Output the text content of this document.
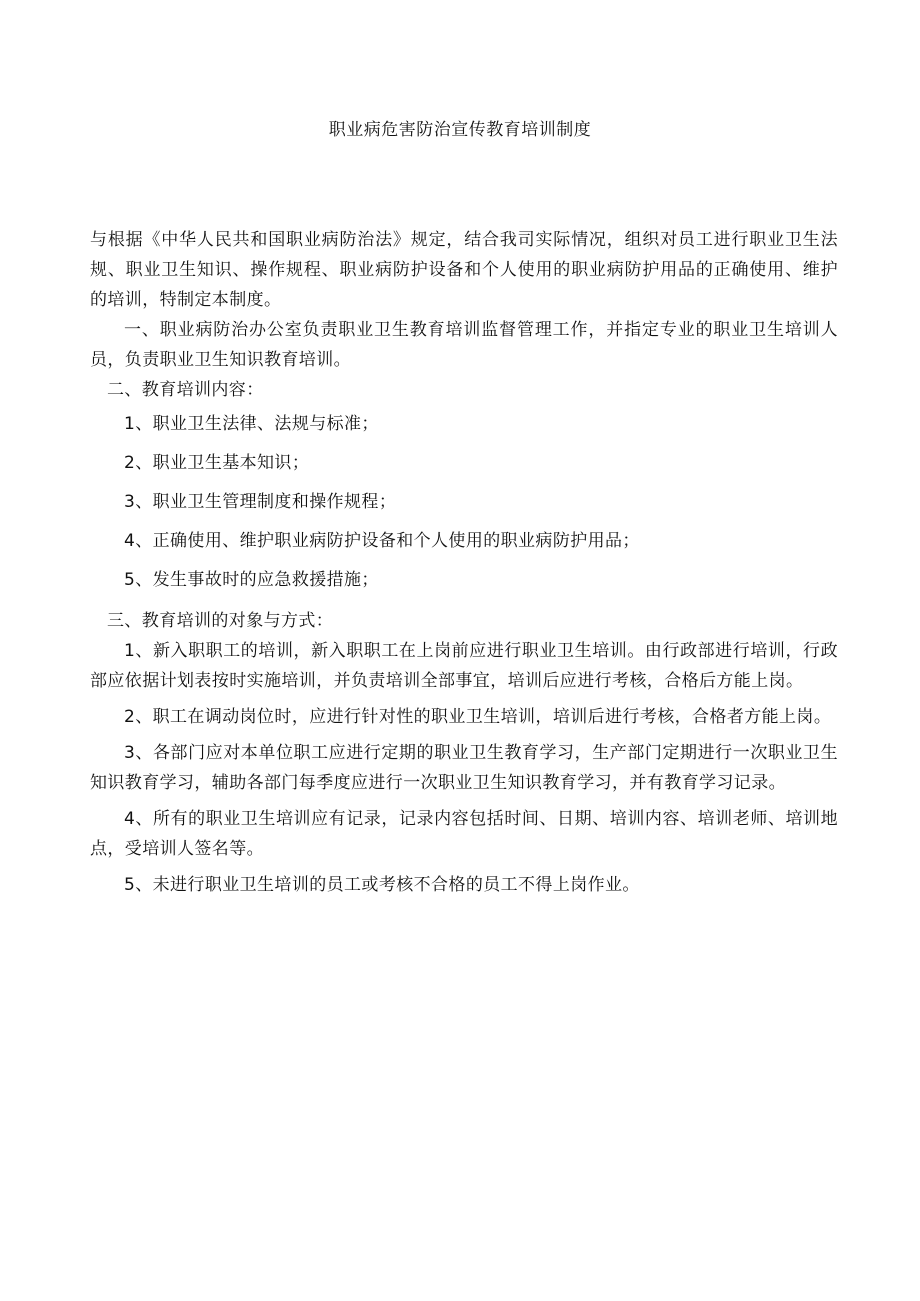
职业病危害防治宣传教育培训制度

与根据《中华人民共和国职业病防治法》规定，结合我司实际情况，组织对员工进行职业卫生法规、职业卫生知识、操作规程、职业病防护设备和个人使用的职业病防护用品的正确使用、维护的培训，特制定本制度。

一、职业病防治办公室负责职业卫生教育培训监督管理工作，并指定专业的职业卫生培训人员，负责职业卫生知识教育培训。

二、教育培训内容：

1、职业卫生法律、法规与标准；

2、职业卫生基本知识；

3、职业卫生管理制度和操作规程；

4、正确使用、维护职业病防护设备和个人使用的职业病防护用品；

5、发生事故时的应急救援措施；

三、教育培训的对象与方式：

1、新入职职工的培训，新入职职工在上岗前应进行职业卫生培训。由行政部进行培训，行政部应依据计划表按时实施培训，并负责培训全部事宜，培训后应进行考核，合格后方能上岗。

2、职工在调动岗位时，应进行针对性的职业卫生培训，培训后进行考核，合格者方能上岗。

3、各部门应对本单位职工应进行定期的职业卫生教育学习，生产部门定期进行一次职业卫生知识教育学习，辅助各部门每季度应进行一次职业卫生知识教育学习，并有教育学习记录。

4、所有的职业卫生培训应有记录，记录内容包括时间、日期、培训内容、培训老师、培训地点，受培训人签名等。

5、未进行职业卫生培训的员工或考核不合格的员工不得上岗作业。
